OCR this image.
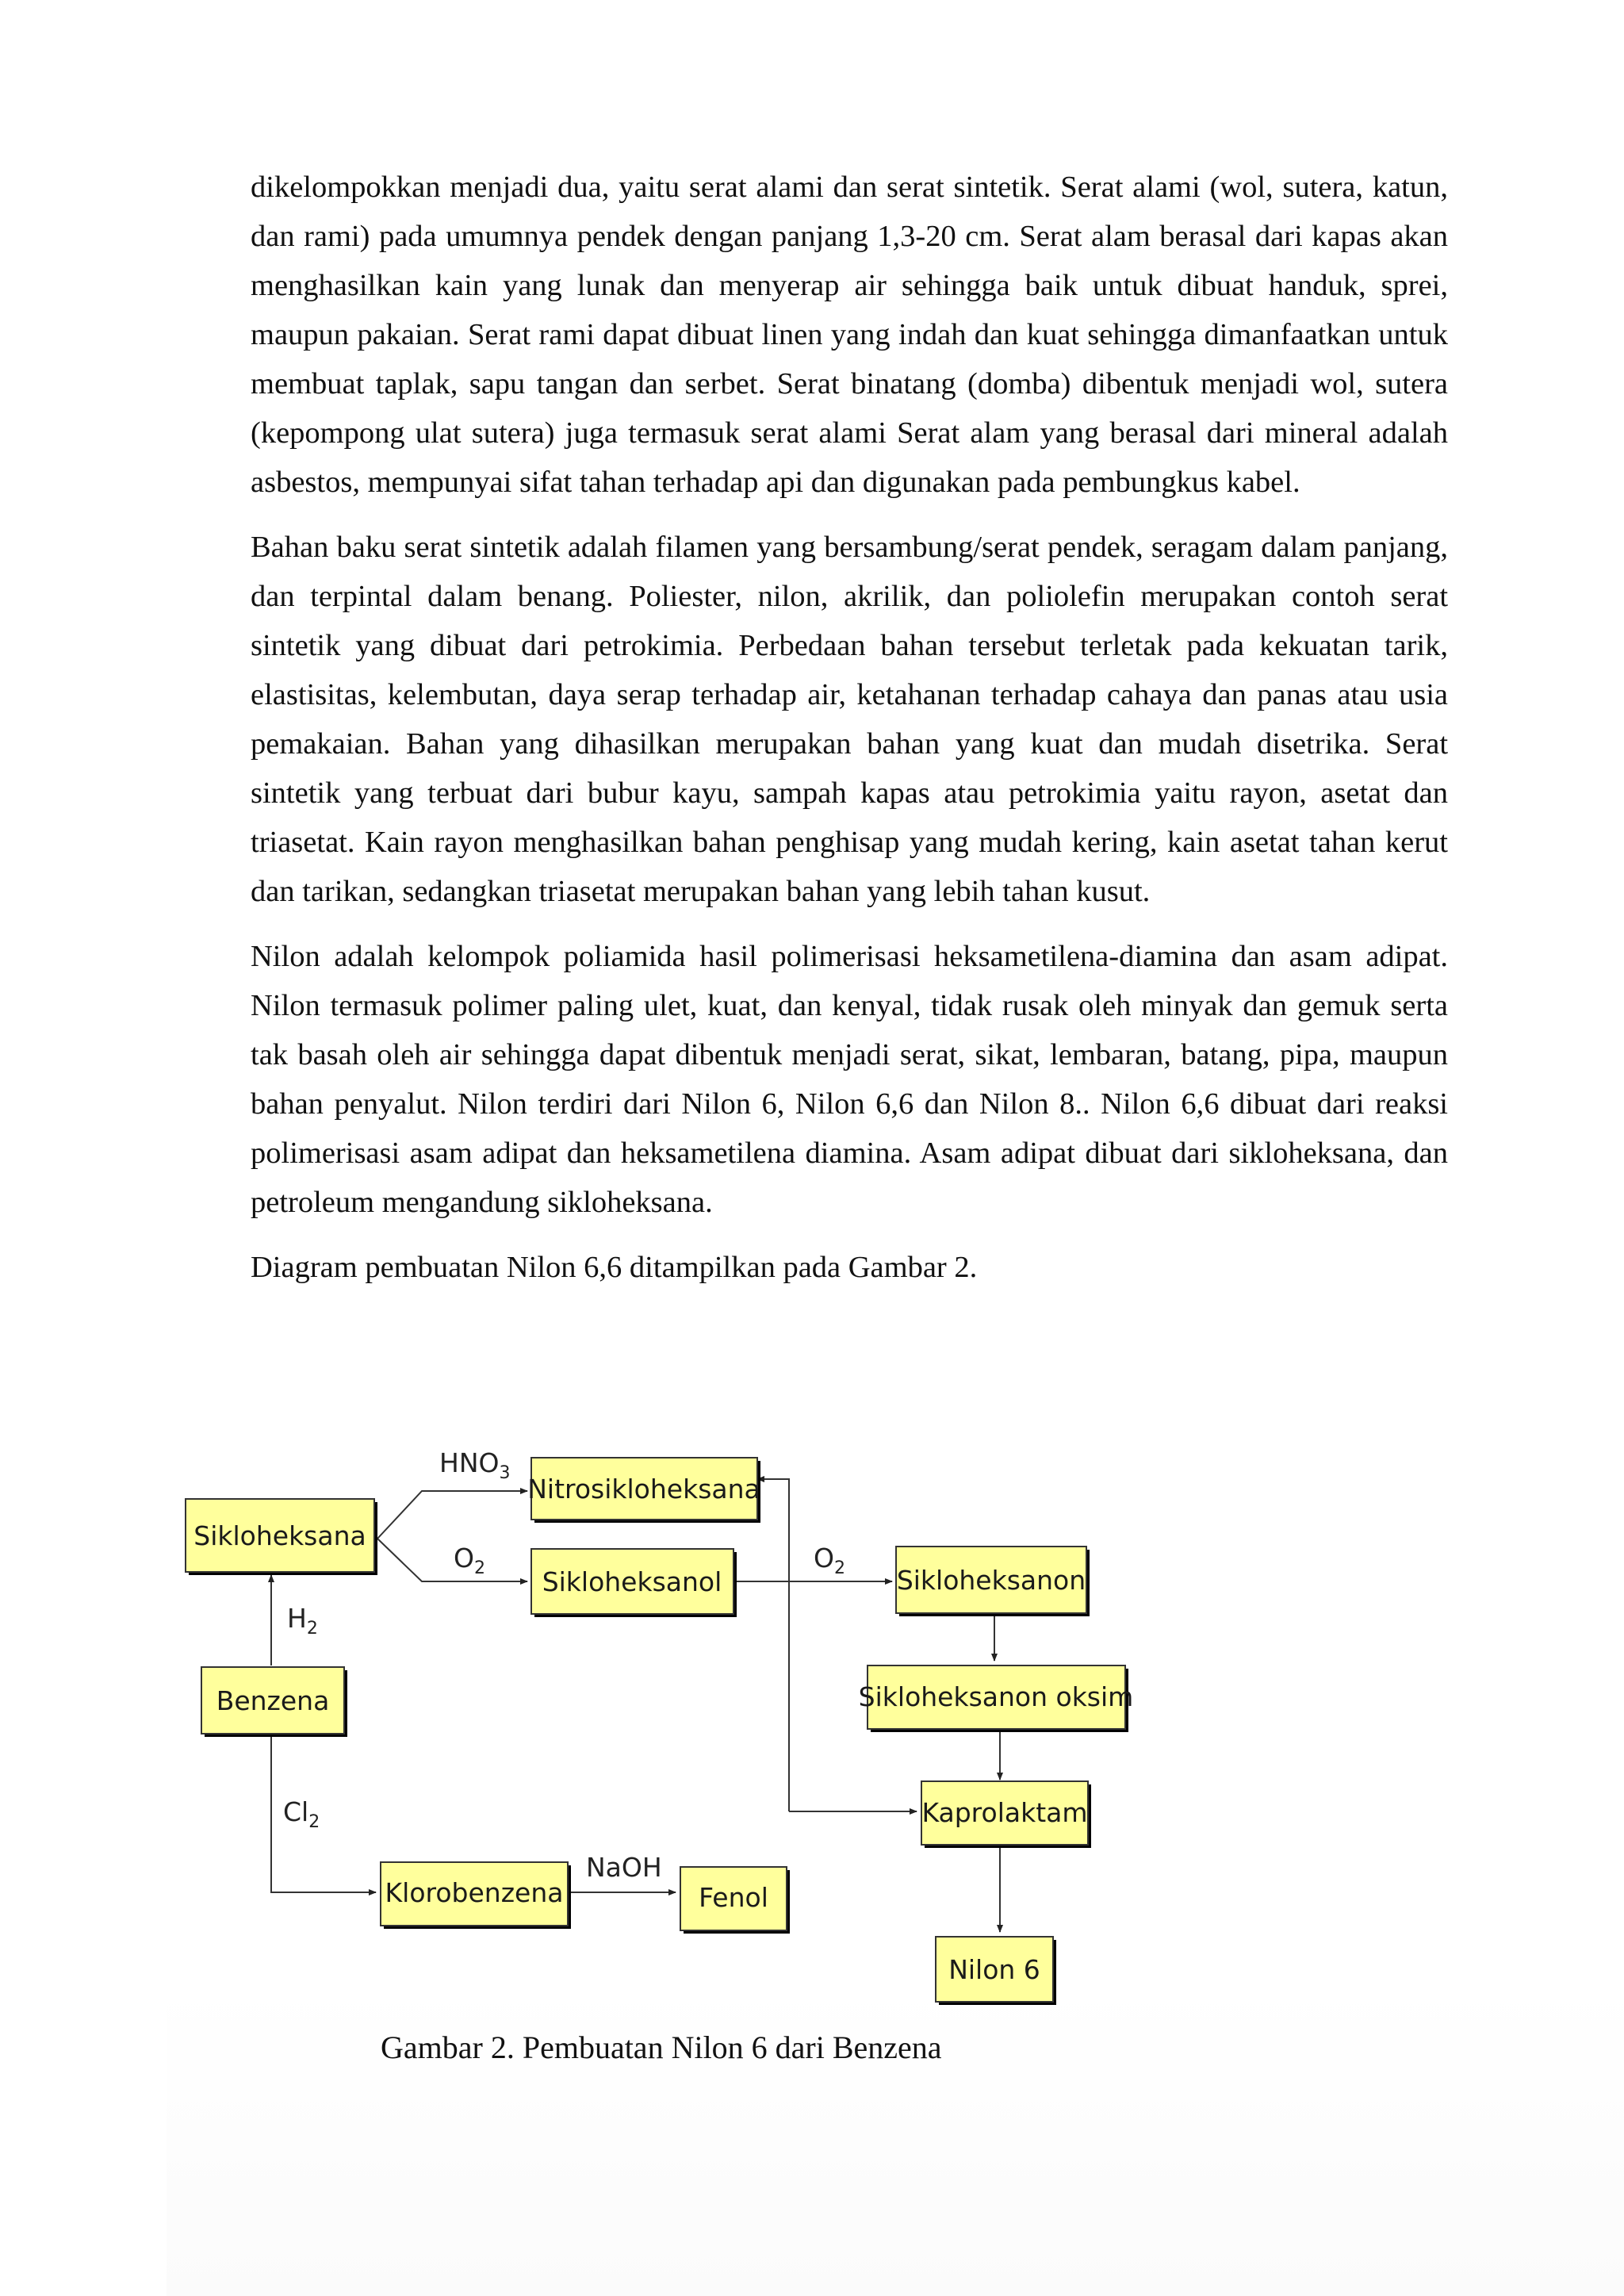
dikelompokkan menjadi dua, yaitu serat alami dan serat sintetik. Serat alami (wol, sutera, katun, dan rami) pada umumnya pendek dengan panjang 1,3-20 cm. Serat alam berasal dari kapas akan menghasilkan kain yang lunak dan menyerap air sehingga baik untuk dibuat handuk, sprei, maupun pakaian. Serat rami dapat dibuat linen yang indah dan kuat sehingga dimanfaatkan untuk membuat taplak, sapu tangan dan serbet. Serat binatang (domba) dibentuk menjadi wol, sutera (kepompong ulat sutera) juga termasuk serat alami Serat alam yang berasal dari mineral adalah asbestos, mempunyai sifat tahan terhadap api dan digunakan pada pembungkus kabel.

Bahan baku serat sintetik adalah filamen yang bersambung/serat pendek, seragam dalam panjang, dan terpintal dalam benang. Poliester, nilon, akrilik, dan poliolefin merupakan contoh serat sintetik yang dibuat dari petrokimia. Perbedaan bahan tersebut terletak pada kekuatan tarik, elastisitas, kelembutan, daya serap terhadap air, ketahanan terhadap cahaya dan panas atau usia pemakaian. Bahan yang dihasilkan merupakan bahan yang kuat dan mudah disetrika. Serat sintetik yang terbuat dari bubur kayu, sampah kapas atau petrokimia yaitu rayon, asetat dan triasetat. Kain rayon menghasilkan bahan penghisap yang mudah kering, kain asetat tahan kerut dan tarikan, sedangkan triasetat merupakan bahan yang lebih tahan kusut.

Nilon adalah kelompok poliamida hasil polimerisasi heksametilena-diamina dan asam adipat. Nilon termasuk polimer paling ulet, kuat, dan kenyal, tidak rusak oleh minyak dan gemuk serta tak basah oleh air sehingga dapat dibentuk menjadi serat, sikat, lembaran, batang, pipa, maupun bahan penyalut. Nilon terdiri dari Nilon 6, Nilon 6,6 dan Nilon 8.. Nilon 6,6 dibuat dari reaksi polimerisasi asam adipat dan heksametilena diamina. Asam adipat dibuat dari sikloheksana, dan petroleum mengandung sikloheksana.

Diagram pembuatan Nilon 6,6 ditampilkan pada Gambar 2.

$HNO_3$
$O_2$	$O_2$
$H_2$
$Cl_2$
NaOH
Sikloheksana
Nitrosikloheksana
Sikloheksanol	Sikloheksanon
Sikloheksanon oksim
Kaprolaktam
Nilon 6
Benzena
Klorobenzena	Fenol
Gambar 2. Pembuatan Nilon 6 dari Benzena
